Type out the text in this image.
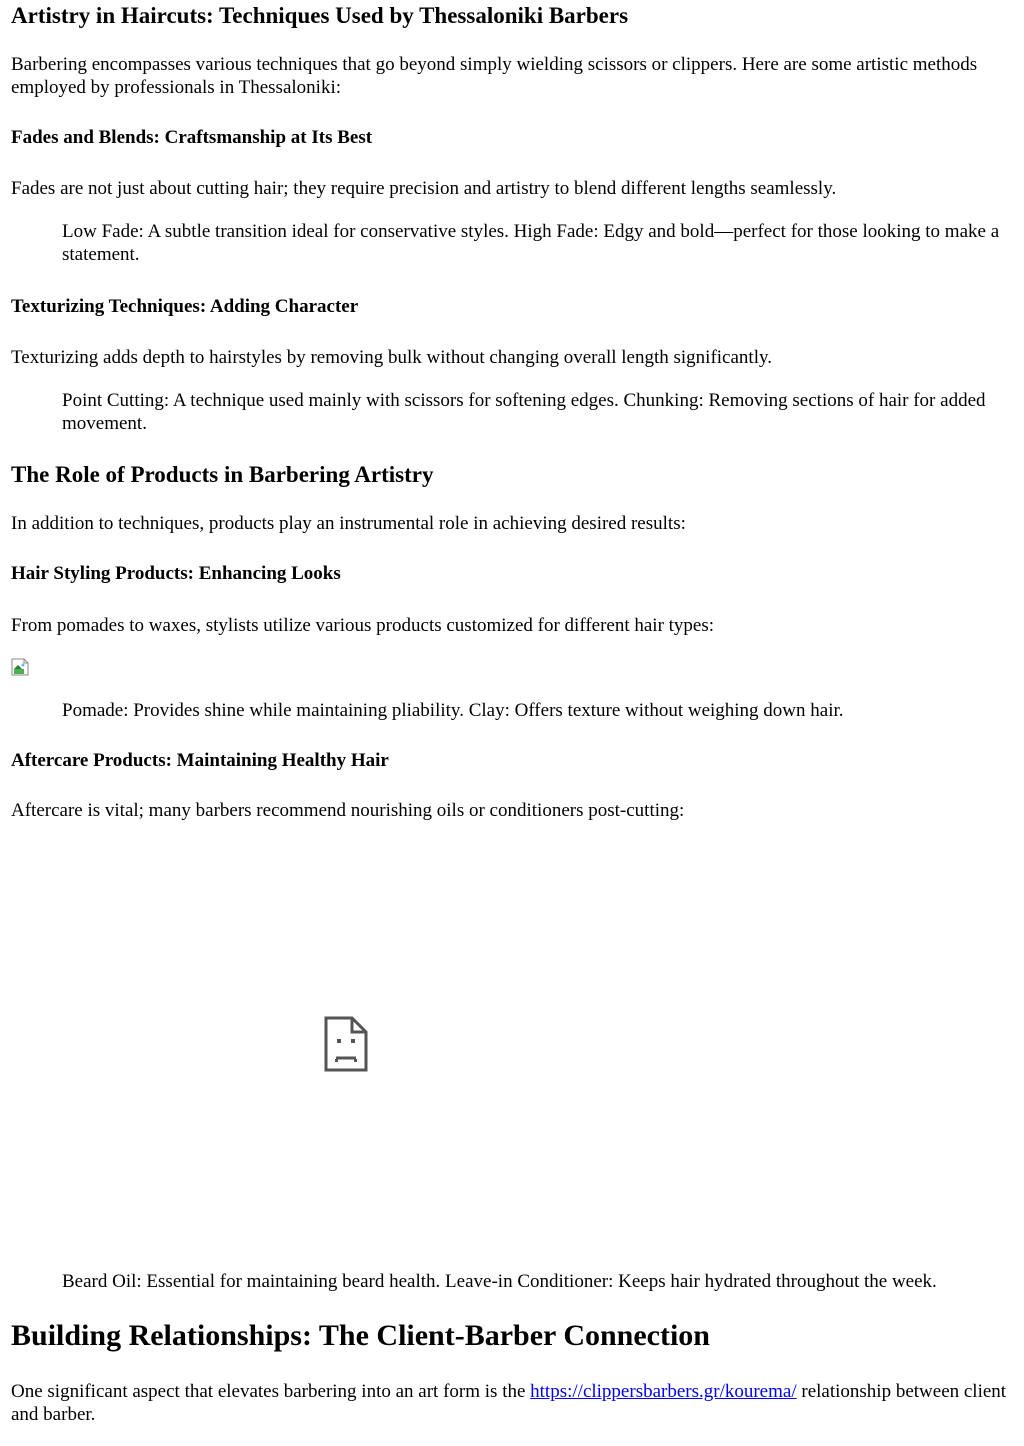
Artistry in Haircuts: Techniques Used by Thessaloniki Barbers

Barbering encompasses various techniques that go beyond simply wielding scissors or clippers. Here are some artistic methods employed by professionals in Thessaloniki:

Fades and Blends: Craftsmanship at Its Best

Fades are not just about cutting hair; they require precision and artistry to blend different lengths seamlessly.

Low Fade: A subtle transition ideal for conservative styles. High Fade: Edgy and bold—perfect for those looking to make a statement.
Texturizing Techniques: Adding Character

Texturizing adds depth to hairstyles by removing bulk without changing overall length significantly.

Point Cutting: A technique used mainly with scissors for softening edges. Chunking: Removing sections of hair for added movement.
The Role of Products in Barbering Artistry

In addition to techniques, products play an instrumental role in achieving desired results:

Hair Styling Products: Enhancing Looks

From pomades to waxes, stylists utilize various products customized for different hair types:

Pomade: Provides shine while maintaining pliability. Clay: Offers texture without weighing down hair.
Aftercare Products: Maintaining Healthy Hair

Aftercare is vital; many barbers recommend nourishing oils or conditioners post-cutting:

Beard Oil: Essential for maintaining beard health. Leave-in Conditioner: Keeps hair hydrated throughout the week.
Building Relationships: The Client-Barber Connection

One significant aspect that elevates barbering into an art form is the https://clippersbarbers.gr/kourema/ relationship between client and barber.
